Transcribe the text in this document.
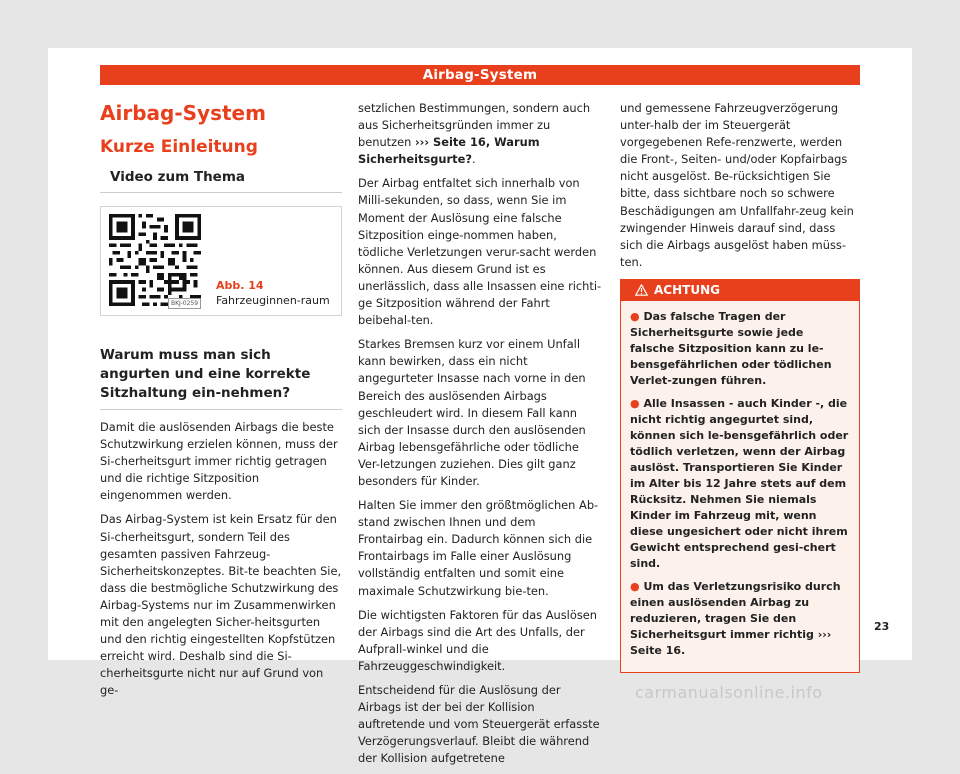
Airbag-System
Airbag-System
Kurze Einleitung
Video zum Thema
BKJ-0259
Abb. 14 Fahrzeuginnen-raum
Warum muss man sich angurten und eine korrekte Sitzhaltung ein-nehmen?

Damit die auslösenden Airbags die beste Schutzwirkung erzielen können, muss der Si-cherheitsgurt immer richtig getragen und die richtige Sitzposition eingenommen werden.

Das Airbag-System ist kein Ersatz für den Si-cherheitsgurt, sondern Teil des gesamten passiven Fahrzeug-Sicherheitskonzeptes. Bit-te beachten Sie, dass die bestmögliche Schutzwirkung des Airbag-Systems nur im Zusammenwirken mit den angelegten Sicher-heitsgurten und den richtig eingestellten Kopfstützen erreicht wird. Deshalb sind die Si-cherheitsgurte nicht nur auf Grund von ge-

setzlichen Bestimmungen, sondern auch aus Sicherheitsgründen immer zu benutzen ››› Seite 16, Warum Sicherheitsgurte?.

Der Airbag entfaltet sich innerhalb von Milli-sekunden, so dass, wenn Sie im Moment der Auslösung eine falsche Sitzposition einge-nommen haben, tödliche Verletzungen verur-sacht werden können. Aus diesem Grund ist es unerlässlich, dass alle Insassen eine richti-ge Sitzposition während der Fahrt beibehal-ten.

Starkes Bremsen kurz vor einem Unfall kann bewirken, dass ein nicht angegurteter Insasse nach vorne in den Bereich des auslösenden Airbags geschleudert wird. In diesem Fall kann sich der Insasse durch den auslösenden Airbag lebensgefährliche oder tödliche Ver-letzungen zuziehen. Dies gilt ganz besonders für Kinder.

Halten Sie immer den größtmöglichen Ab-stand zwischen Ihnen und dem Frontairbag ein. Dadurch können sich die Frontairbags im Falle einer Auslösung vollständig entfalten und somit eine maximale Schutzwirkung bie-ten.

Die wichtigsten Faktoren für das Auslösen der Airbags sind die Art des Unfalls, der Aufprall-winkel und die Fahrzeuggeschwindigkeit.

Entscheidend für die Auslösung der Airbags ist der bei der Kollision auftretende und vom Steuergerät erfasste Verzögerungsverlauf. Bleibt die während der Kollision aufgetretene

und gemessene Fahrzeugverzögerung unter-halb der im Steuergerät vorgegebenen Refe-renzwerte, werden die Front-, Seiten- und/oder Kopfairbags nicht ausgelöst. Be-rücksichtigen Sie bitte, dass sichtbare noch so schwere Beschädigungen am Unfallfahr-zeug kein zwingender Hinweis darauf sind, dass sich die Airbags ausgelöst haben müss-ten.

ACHTUNG
● Das falsche Tragen der Sicherheitsgurte sowie jede falsche Sitzposition kann zu le-bensgefährlichen oder tödlichen Verlet-zungen führen.
● Alle Insassen - auch Kinder -, die nicht richtig angegurtet sind, können sich le-bensgefährlich oder tödlich verletzen, wenn der Airbag auslöst. Transportieren Sie Kinder im Alter bis 12 Jahre stets auf dem Rücksitz. Nehmen Sie niemals Kinder im Fahrzeug mit, wenn diese ungesichert oder nicht ihrem Gewicht entsprechend gesi-chert sind.
● Um das Verletzungsrisiko durch einen auslösenden Airbag zu reduzieren, tragen Sie den Sicherheitsgurt immer richtig ››› Seite 16.
23
carmanualsonline.info
